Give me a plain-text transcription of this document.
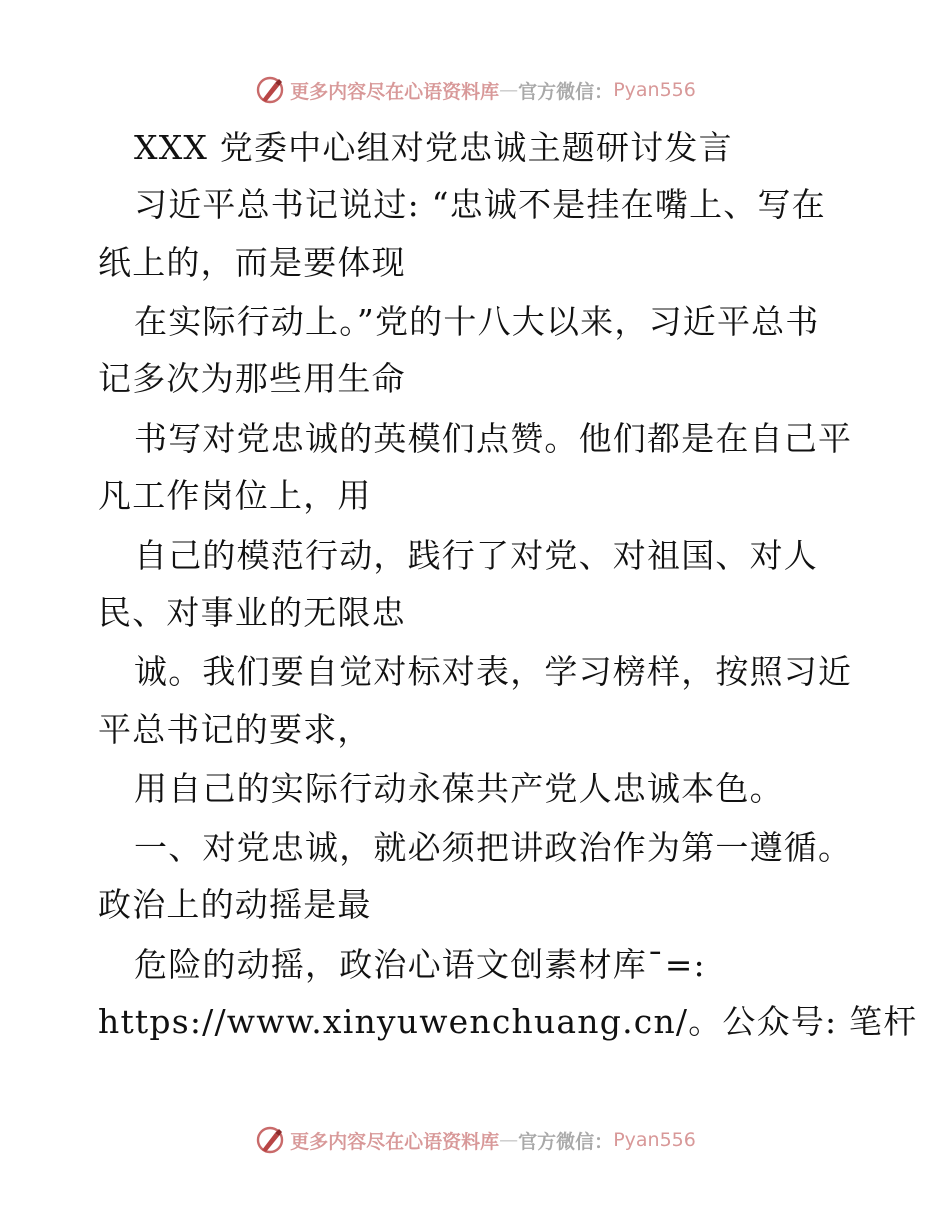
更多内容尽在心语资料库 — 官方微信： Pyan556
XXX 党委中心组对党忠诚主题研讨发言
习近平总书记说过: “忠诚不是挂在嘴上、写在
纸上的，而是要体现
在实际行动上。”党的十八大以来，习近平总书
记多次为那些用生命
书写对党忠诚的英模们点赞。他们都是在自己平
凡工作岗位上，用
自己的模范行动，践行了对党、对祖国、对人
民、对事业的无限忠
诚。我们要自觉对标对表，学习榜样，按照习近
平总书记的要求，
用自己的实际行动永葆共产党人忠诚本色。
一、对党忠诚，就必须把讲政治作为第一遵循。
政治上的动摇是最
危险的动摇，政治心语文创素材库¯=:
https://www.xinyuwenchuang.cn/。公众号: 笔杆
更多内容尽在心语资料库 — 官方微信： Pyan556
